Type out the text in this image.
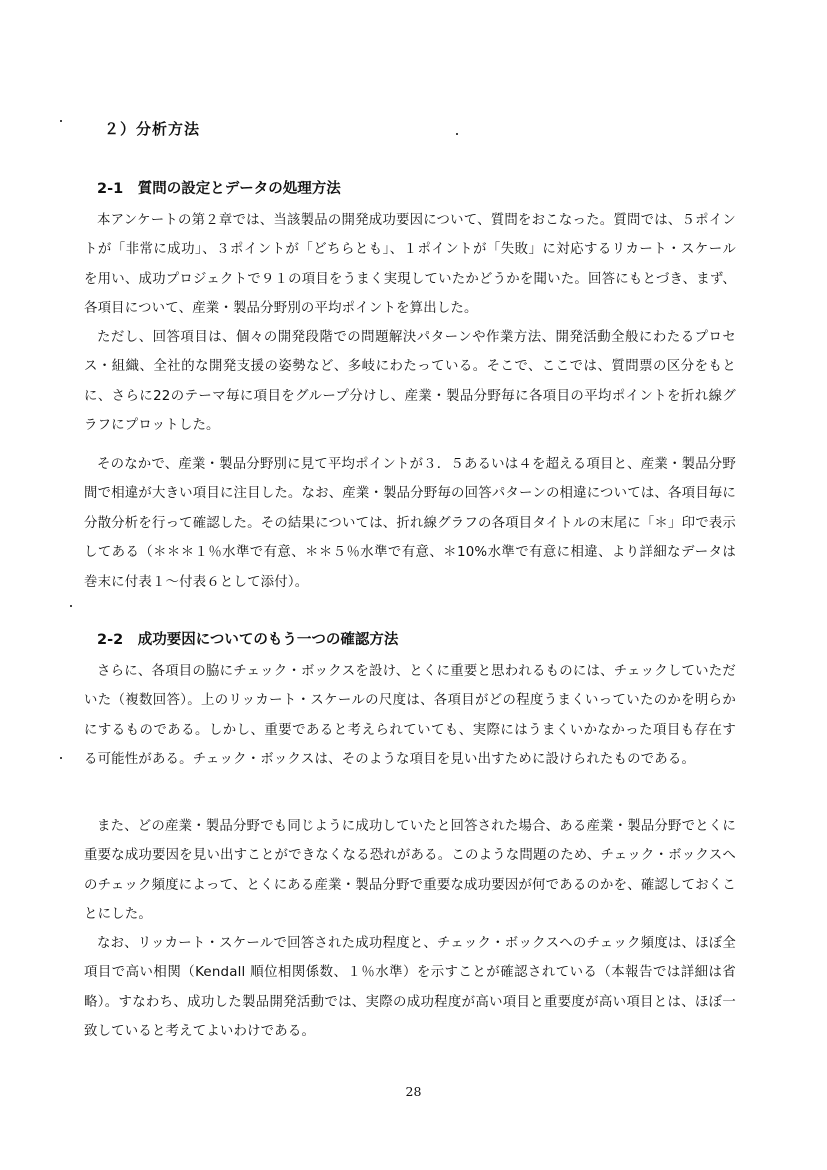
２）分析方法
2-1　質問の設定とデータの処理方法

本アンケートの第２章では、当該製品の開発成功要因について、質問をおこなった。質問では、５ポイントが「非常に成功」、３ポイントが「どちらとも」、１ポイントが「失敗」に対応するリカート・スケールを用い、成功プロジェクトで９１の項目をうまく実現していたかどうかを聞いた。回答にもとづき、まず、各項目について、産業・製品分野別の平均ポイントを算出した。

ただし、回答項目は、個々の開発段階での問題解決パターンや作業方法、開発活動全般にわたるプロセス・組織、全社的な開発支援の姿勢など、多岐にわたっている。そこで、ここでは、質問票の区分をもとに、さらに22のテーマ毎に項目をグループ分けし、産業・製品分野毎に各項目の平均ポイントを折れ線グラフにプロットした。

そのなかで、産業・製品分野別に見て平均ポイントが３．５あるいは４を超える項目と、産業・製品分野間で相違が大きい項目に注目した。なお、産業・製品分野毎の回答パターンの相違については、各項目毎に分散分析を行って確認した。その結果については、折れ線グラフの各項目タイトルの末尾に「＊」印で表示してある（＊＊＊１％水準で有意、＊＊５％水準で有意、＊10%水準で有意に相違、より詳細なデータは巻末に付表１～付表６として添付）。

2-2　成功要因についてのもう一つの確認方法

さらに、各項目の脇にチェック・ボックスを設け、とくに重要と思われるものには、チェックしていただいた（複数回答）。上のリッカート・スケールの尺度は、各項目がどの程度うまくいっていたのかを明らかにするものである。しかし、重要であると考えられていても、実際にはうまくいかなかった項目も存在する可能性がある。チェック・ボックスは、そのような項目を見い出すために設けられたものである。

また、どの産業・製品分野でも同じように成功していたと回答された場合、ある産業・製品分野でとくに重要な成功要因を見い出すことができなくなる恐れがある。このような問題のため、チェック・ボックスへのチェック頻度によって、とくにある産業・製品分野で重要な成功要因が何であるのかを、確認しておくことにした。

なお、リッカート・スケールで回答された成功程度と、チェック・ボックスへのチェック頻度は、ほぼ全項目で高い相関（Kendall 順位相関係数、１％水準）を示すことが確認されている（本報告では詳細は省略）。すなわち、成功した製品開発活動では、実際の成功程度が高い項目と重要度が高い項目とは、ほぼ一致していると考えてよいわけである。

28
